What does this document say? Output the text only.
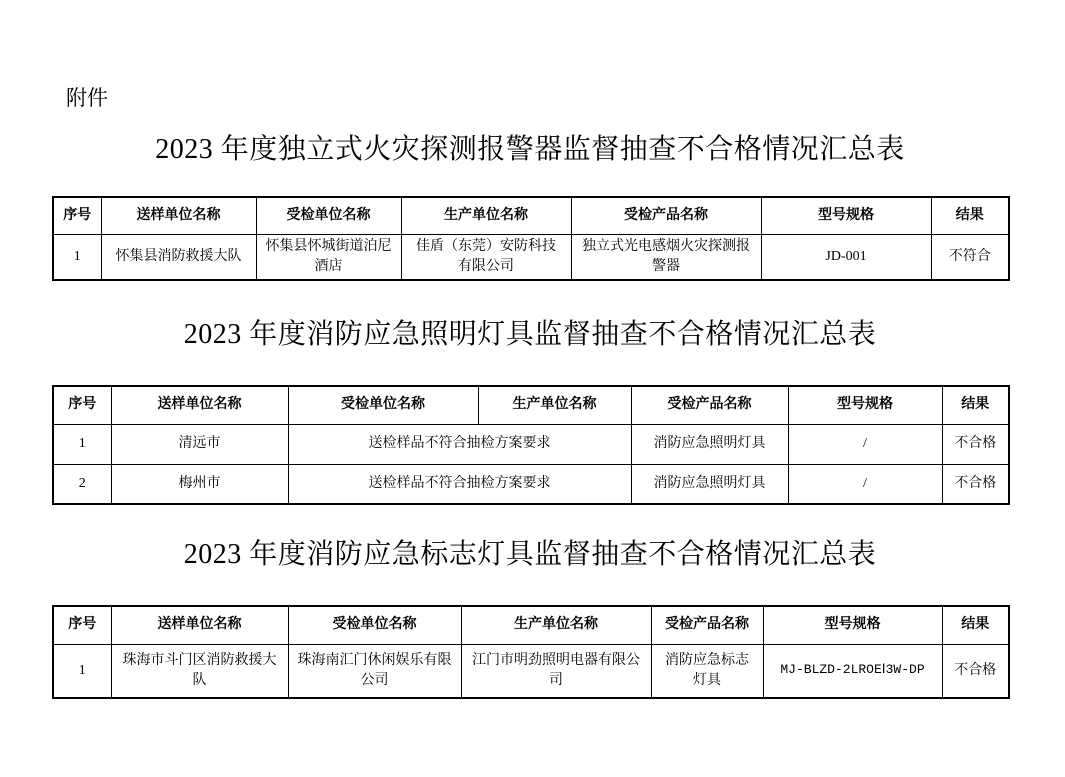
附件
2023 年度独立式火灾探测报警器监督抽查不合格情况汇总表
序号	送样单位名称	受检单位名称	生产单位名称	受检产品名称	型号规格	结果
1	怀集县消防救援大队	怀集县怀城街道泊尼酒店	佳盾（东莞）安防科技有限公司	独立式光电感烟火灾探测报警器	JD-001	不符合
2023 年度消防应急照明灯具监督抽查不合格情况汇总表
序号	送样单位名称	受检单位名称	生产单位名称	受检产品名称	型号规格	结果
1	清远市	送检样品不符合抽检方案要求		消防应急照明灯具	/	不合格
2	梅州市	送检样品不符合抽检方案要求		消防应急照明灯具	/	不合格
2023 年度消防应急标志灯具监督抽查不合格情况汇总表
序号	送样单位名称	受检单位名称	生产单位名称	受检产品名称	型号规格	结果
1	珠海市斗门区消防救援大队	珠海南汇门休闲娱乐有限公司	江门市明劲照明电器有限公司	消防应急标志灯具	MJ-BLZD-2LROEⅠ3W-DP	不合格
